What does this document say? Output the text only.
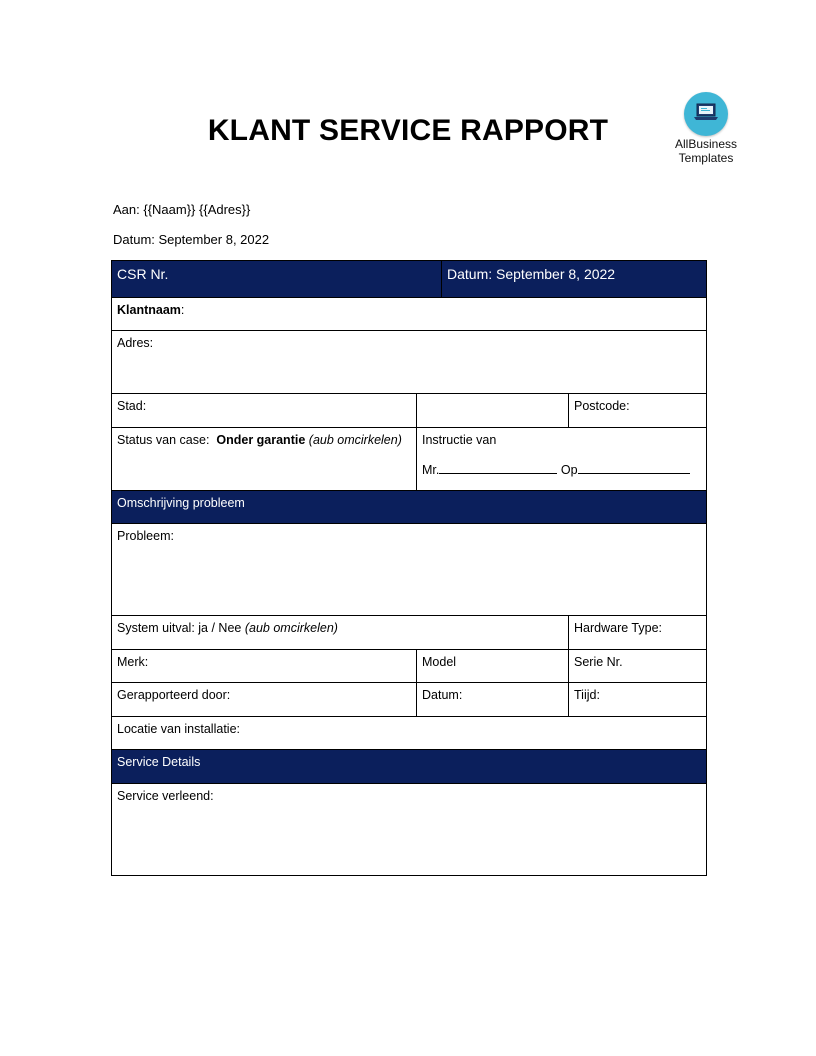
KLANT SERVICE RAPPORT	AllBusiness
Templates
Aan: {{Naam}} {{Adres}}
Datum: September 8, 2022
CSR Nr.		Datum: September 8, 2022	
Klantnaam:			
Adres:			
Stad:			Postcode:
Status van case: Onder garantie (aub omcirkelen)	Instructie van
Mr. Op		

Omschrijving probleem			
Probleem:			
System uitval: ja / Nee (aub omcirkelen)			Hardware Type:
Merk:	Model		Serie Nr.
Gerapporteerd door:	Datum:		Tiijd:
Locatie van installatie:			
Service Details			
Service verleend:			
